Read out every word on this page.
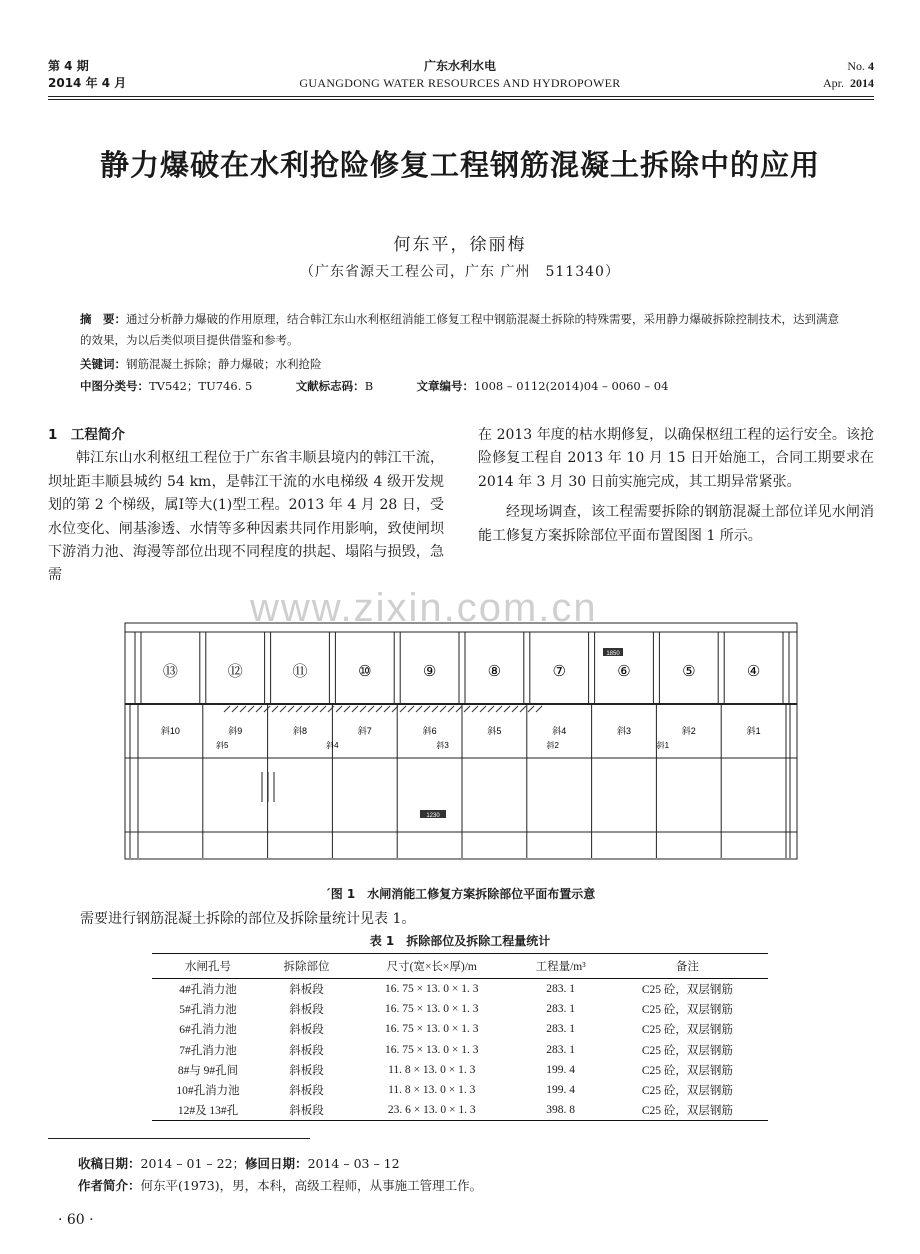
第 4 期
2014 年 4 月
广东水利水电
GUANGDONG WATER RESOURCES AND HYDROPOWER
No. 4
Apr. 2014
静力爆破在水利抢险修复工程钢筋混凝土拆除中的应用
何东平，徐丽梅
（广东省源天工程公司，广东 广州　511340）
摘　要：通过分析静力爆破的作用原理，结合韩江东山水利枢纽消能工修复工程中钢筋混凝土拆除的特殊需要，采用静力爆破拆除控制技术，达到满意的效果，为以后类似项目提供借鉴和参考。
关键词：钢筋混凝土拆除；静力爆破；水利抢险
中图分类号：TV542；TU746. 5	文献标志码：B	文章编号：1008 – 0112(2014)04 – 0060 – 04

1　 工程简介

韩江东山水利枢纽工程位于广东省丰顺县境内的韩江干流，坝址距丰顺县城约 54 km，是韩江干流的水电梯级 4 级开发规划的第 2 个梯级，属Ⅰ等大(1)型工程。2013 年 4 月 28 日，受水位变化、闸基渗透、水情等多种因素共同作用影响，致使闸坝下游消力池、海漫等部位出现不同程度的拱起、塌陷与损毁，急需

在 2013 年度的枯水期修复，以确保枢纽工程的运行安全。该抢险修复工程自 2013 年 10 月 15 日开始施工，合同工期要求在 2014 年 3 月 30 日前实施完成，其工期异常紧张。

经现场调查，该工程需要拆除的钢筋混凝土部位详见水闸消能工修复方案拆除部位平面布置图图 1 所示。

www.zixin.com.cn
⑬	⑫	⑪	⑩	⑨	⑧	⑦	⑥	⑤	④
斜10	斜9	斜8	斜7	斜6	斜5	斜4	斜3	斜2	斜1
斜5	斜4	斜3	斜2	斜1
1850
1230
ˊ图 1　水闸消能工修复方案拆除部位平面布置示意
需要进行钢筋混凝土拆除的部位及拆除量统计见表 1。
表 1　拆除部位及拆除工程量统计
水闸孔号	拆除部位	尺寸(宽×长×厚)/m	工程量/m³	备注
4#孔消力池	斜板段	16. 75 × 13. 0 × 1. 3	283. 1	C25 砼，双层钢筋
5#孔消力池	斜板段	16. 75 × 13. 0 × 1. 3	283. 1	C25 砼，双层钢筋
6#孔消力池	斜板段	16. 75 × 13. 0 × 1. 3	283. 1	C25 砼，双层钢筋
7#孔消力池	斜板段	16. 75 × 13. 0 × 1. 3	283. 1	C25 砼，双层钢筋
8#与 9#孔间	斜板段	11. 8 × 13. 0 × 1. 3	199. 4	C25 砼，双层钢筋
10#孔消力池	斜板段	11. 8 × 13. 0 × 1. 3	199. 4	C25 砼，双层钢筋
12#及 13#孔	斜板段	23. 6 × 13. 0 × 1. 3	398. 8	C25 砼，双层钢筋
收稿日期：2014 – 01 – 22；修回日期：2014 – 03 – 12
作者简介：何东平(1973)，男，本科，高级工程师，从事施工管理工作。
· 60 ·
